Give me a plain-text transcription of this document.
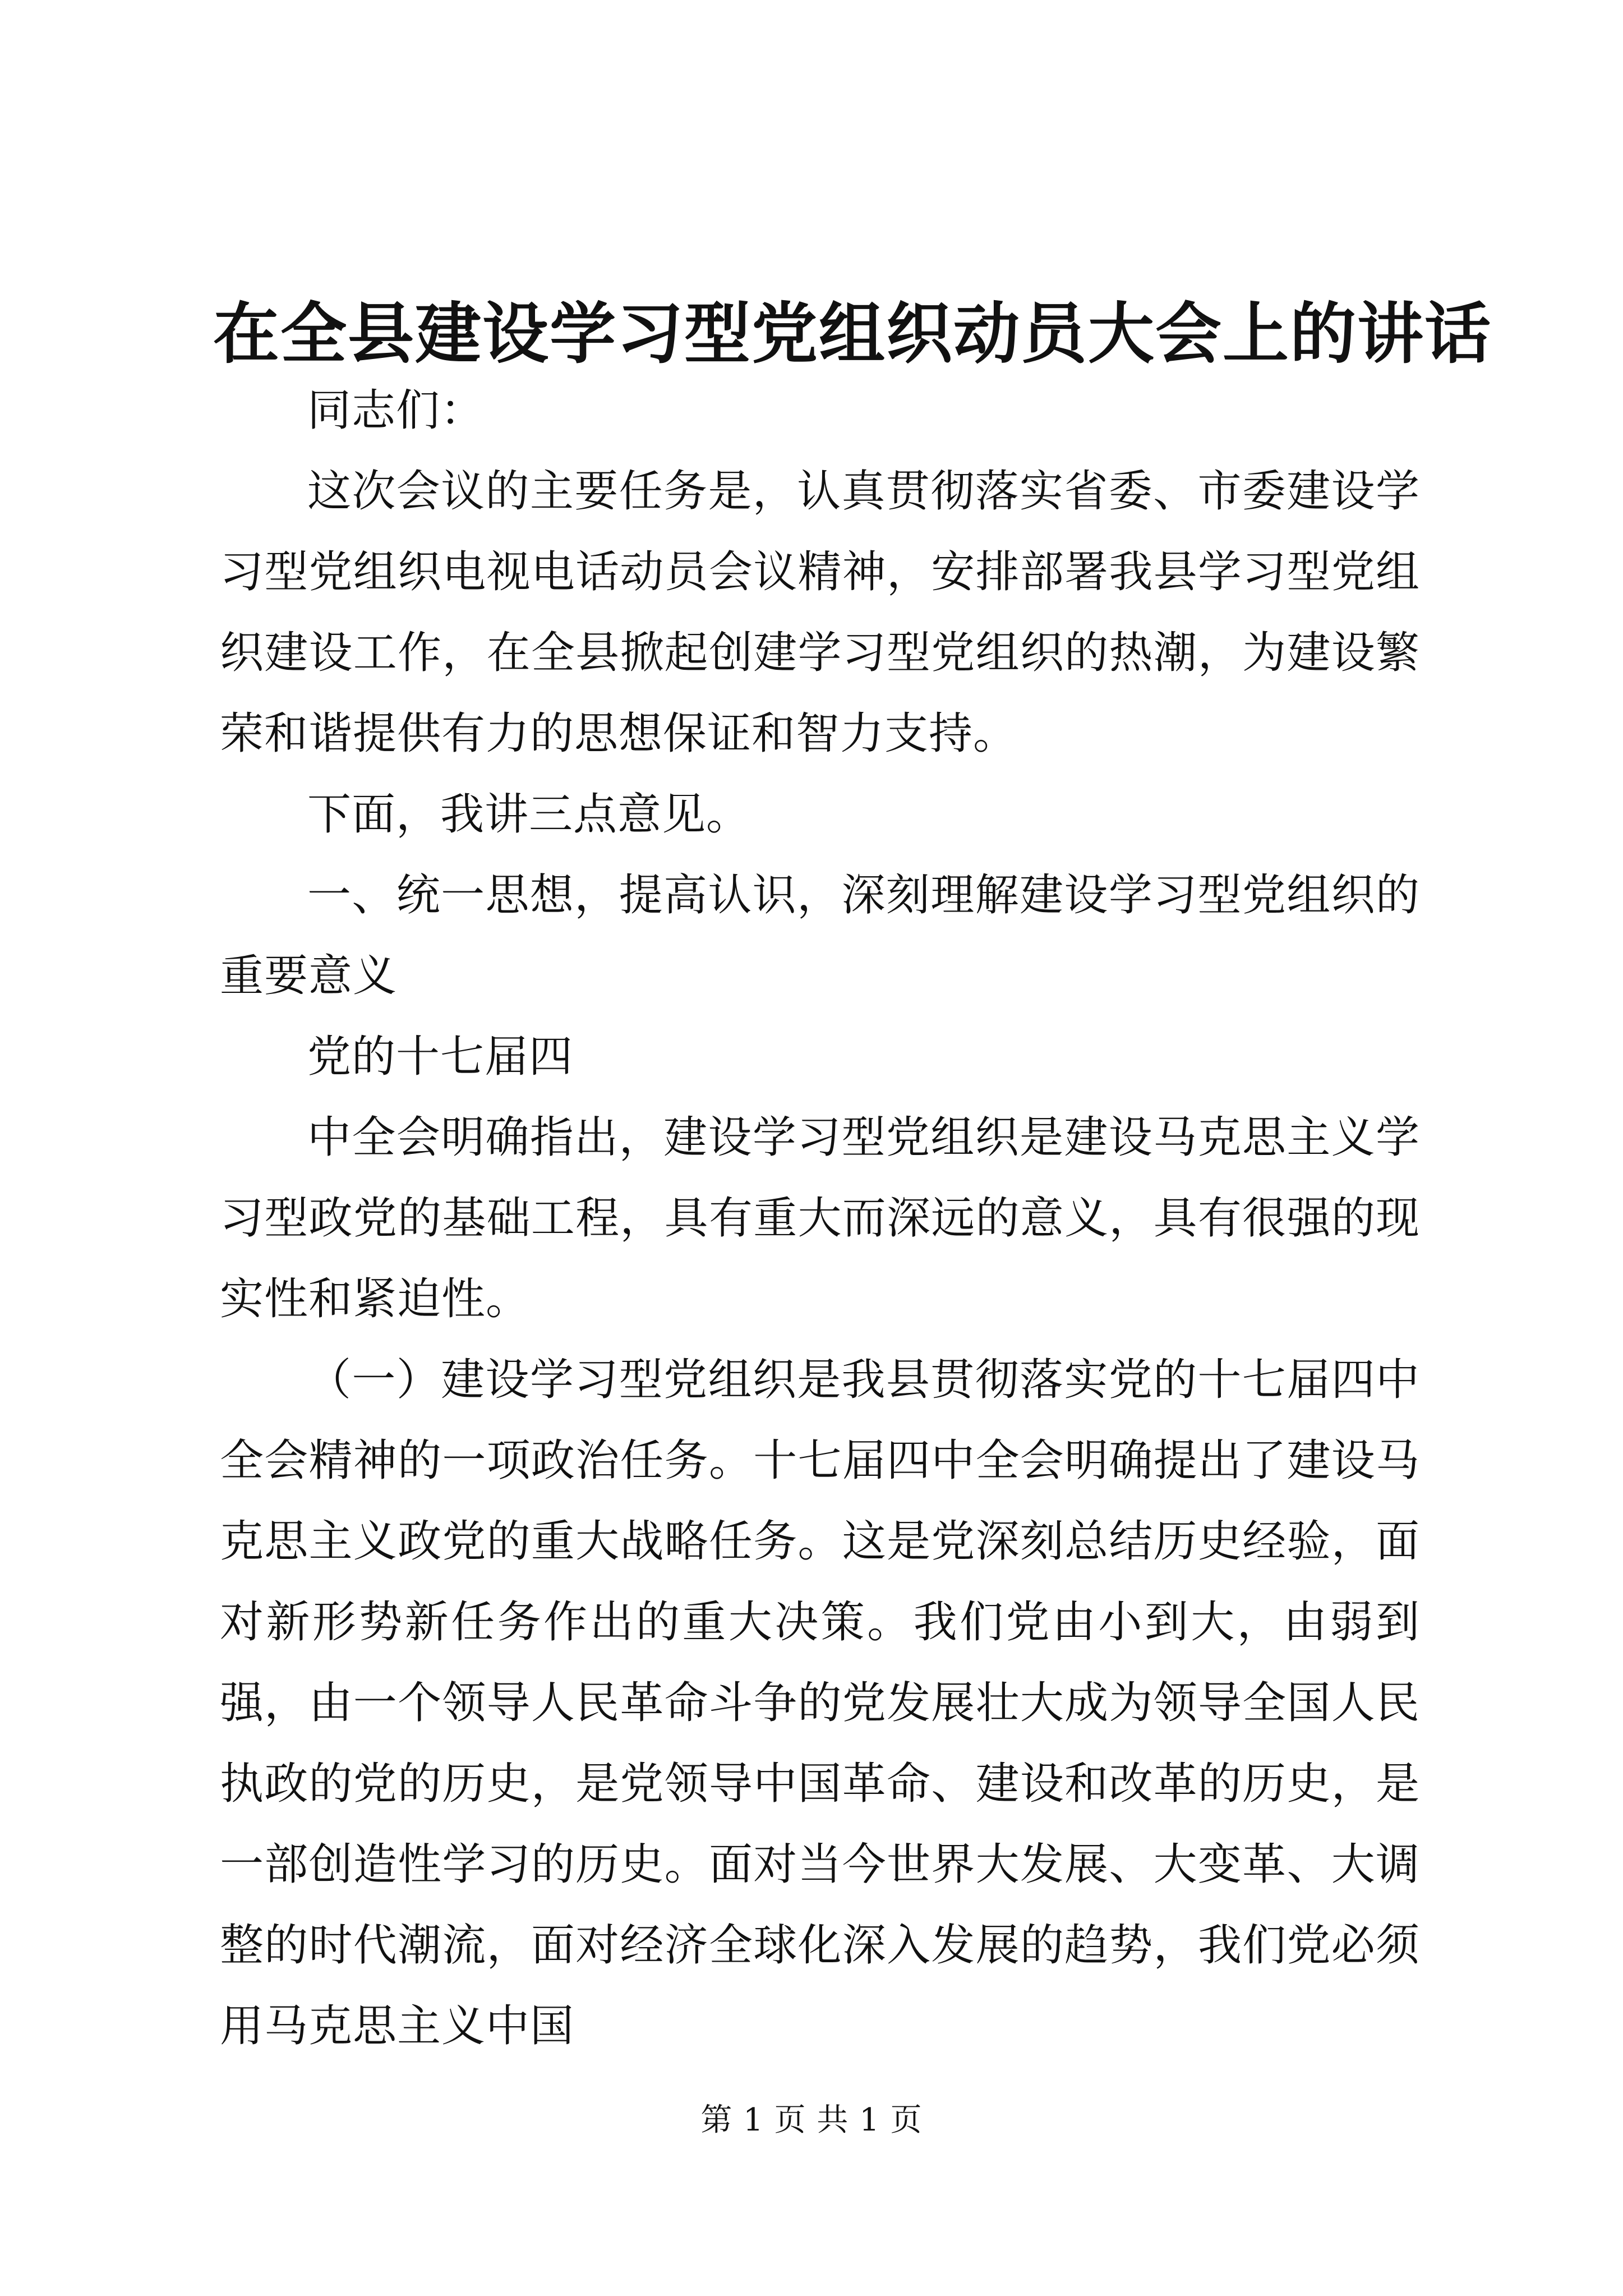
在全县建设学习型党组织动员大会上的讲话

同志们：

这次会议的主要任务是，认真贯彻落实省委、市委建设学习型党组织电视电话动员会议精神，安排部署我县学习型党组织建设工作，在全县掀起创建学习型党组织的热潮，为建设繁荣和谐提供有力的思想保证和智力支持。

下面，我讲三点意见。

一、统一思想，提高认识，深刻理解建设学习型党组织的重要意义

党的十七届四

中全会明确指出，建设学习型党组织是建设马克思主义学习型政党的基础工程，具有重大而深远的意义，具有很强的现实性和紧迫性。

（一）建设学习型党组织是我县贯彻落实党的十七届四中全会精神的一项政治任务。十七届四中全会明确提出了建设马克思主义政党的重大战略任务。这是党深刻总结历史经验，面对新形势新任务作出的重大决策。我们党由小到大，由弱到强，由一个领导人民革命斗争的党发展壮大成为领导全国人民执政的党的历史，是党领导中国革命、建设和改革的历史，是一部创造性学习的历史。面对当今世界大发展、大变革、大调整的时代潮流，面对经济全球化深入发展的趋势，我们党必须用马克思主义中国

第 1 页 共 1 页
